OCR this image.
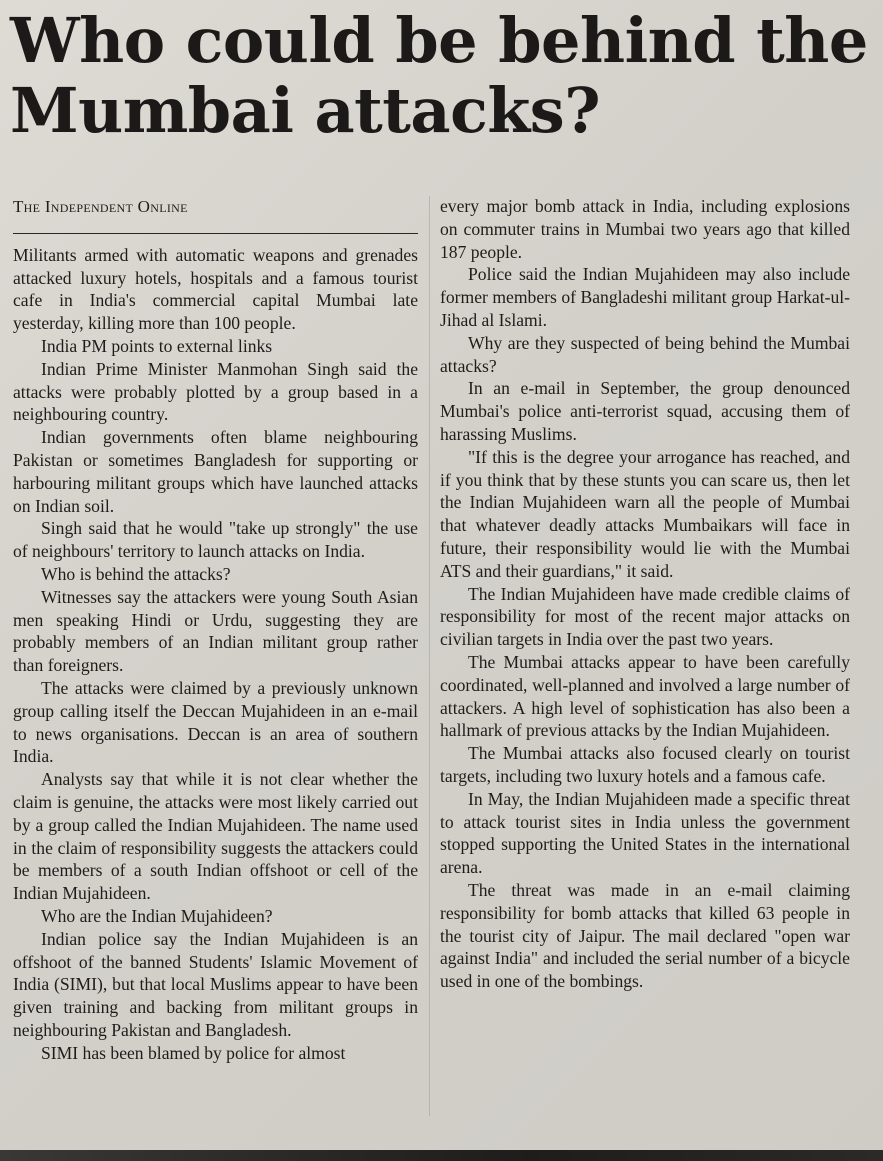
Who could be behind the Mumbai attacks?
The Independent Online

Militants armed with automatic weapons and grenades attacked luxury hotels, hospitals and a famous tourist cafe in India's commercial capital Mumbai late yesterday, killing more than 100 people.

India PM points to external links

Indian Prime Minister Manmohan Singh said the attacks were probably plotted by a group based in a neighbouring country.

Indian governments often blame neighbouring Pakistan or sometimes Bangladesh for supporting or harbouring militant groups which have launched attacks on Indian soil.

Singh said that he would "take up strongly" the use of neighbours' territory to launch attacks on India.

Who is behind the attacks?

Witnesses say the attackers were young South Asian men speaking Hindi or Urdu, suggesting they are probably members of an Indian militant group rather than foreigners.

The attacks were claimed by a previously unknown group calling itself the Deccan Mujahideen in an e-mail to news organisations. Deccan is an area of southern India.

Analysts say that while it is not clear whether the claim is genuine, the attacks were most likely carried out by a group called the Indian Mujahideen. The name used in the claim of responsibility suggests the attackers could be members of a south Indian offshoot or cell of the Indian Mujahideen.

Who are the Indian Mujahideen?

Indian police say the Indian Mujahideen is an offshoot of the banned Students' Islamic Movement of India (SIMI), but that local Muslims appear to have been given training and backing from militant groups in neighbouring Pakistan and Bangladesh.

SIMI has been blamed by police for almost

every major bomb attack in India, including explosions on commuter trains in Mumbai two years ago that killed 187 people.

Police said the Indian Mujahideen may also include former members of Bangladeshi militant group Harkat-ul-Jihad al Islami.

Why are they suspected of being behind the Mumbai attacks?

In an e-mail in September, the group denounced Mumbai's police anti-terrorist squad, accusing them of harassing Muslims.

"If this is the degree your arrogance has reached, and if you think that by these stunts you can scare us, then let the Indian Mujahideen warn all the people of Mumbai that whatever deadly attacks Mumbaikars will face in future, their responsibility would lie with the Mumbai ATS and their guardians," it said.

The Indian Mujahideen have made credible claims of responsibility for most of the recent major attacks on civilian targets in India over the past two years.

The Mumbai attacks appear to have been carefully coordinated, well-planned and involved a large number of attackers. A high level of sophistication has also been a hallmark of previous attacks by the Indian Mujahideen.

The Mumbai attacks also focused clearly on tourist targets, including two luxury hotels and a famous cafe.

In May, the Indian Mujahideen made a specific threat to attack tourist sites in India unless the government stopped supporting the United States in the international arena.

The threat was made in an e-mail claiming responsibility for bomb attacks that killed 63 people in the tourist city of Jaipur. The mail declared "open war against India" and included the serial number of a bicycle used in one of the bombings.
